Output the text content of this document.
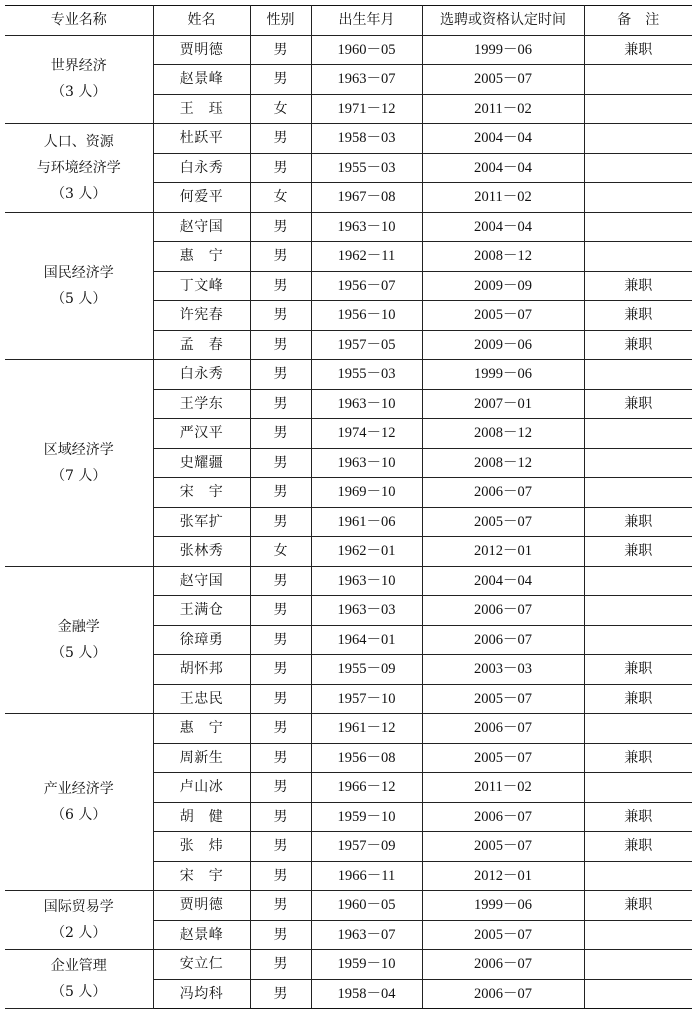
专业名称	姓名	性别	出生年月	选聘或资格认定时间	备　注
世界经济
（3 人）	贾明德	男	1960－05	1999－06	兼职
	赵景峰	男	1963－07	2005－07	
	王　珏	女	1971－12	2011－02	
人口、资源
与环境经济学
（3 人）	杜跃平	男	1958－03	2004－04	
	白永秀	男	1955－03	2004－04	
	何爱平	女	1967－08	2011－02	
国民经济学
（5 人）	赵守国	男	1963－10	2004－04	
	惠　宁	男	1962－11	2008－12	
	丁文峰	男	1956－07	2009－09	兼职
	许宪春	男	1956－10	2005－07	兼职
	孟　春	男	1957－05	2009－06	兼职
区域经济学
（7 人）	白永秀	男	1955－03	1999－06	
	王学东	男	1963－10	2007－01	兼职
	严汉平	男	1974－12	2008－12	
	史耀疆	男	1963－10	2008－12	
	宋　宇	男	1969－10	2006－07	
	张军扩	男	1961－06	2005－07	兼职
	张林秀	女	1962－01	2012－01	兼职
金融学
（5 人）	赵守国	男	1963－10	2004－04	
	王满仓	男	1963－03	2006－07	
	徐璋勇	男	1964－01	2006－07	
	胡怀邦	男	1955－09	2003－03	兼职
	王忠民	男	1957－10	2005－07	兼职
产业经济学
（6 人）	惠　宁	男	1961－12	2006－07	
	周新生	男	1956－08	2005－07	兼职
	卢山冰	男	1966－12	2011－02	
	胡　健	男	1959－10	2006－07	兼职
	张　炜	男	1957－09	2005－07	兼职
	宋　宇	男	1966－11	2012－01	
国际贸易学
（2 人）	贾明德	男	1960－05	1999－06	兼职
	赵景峰	男	1963－07	2005－07	
企业管理
（5 人）	安立仁	男	1959－10	2006－07	
	冯均科	男	1958－04	2006－07	
